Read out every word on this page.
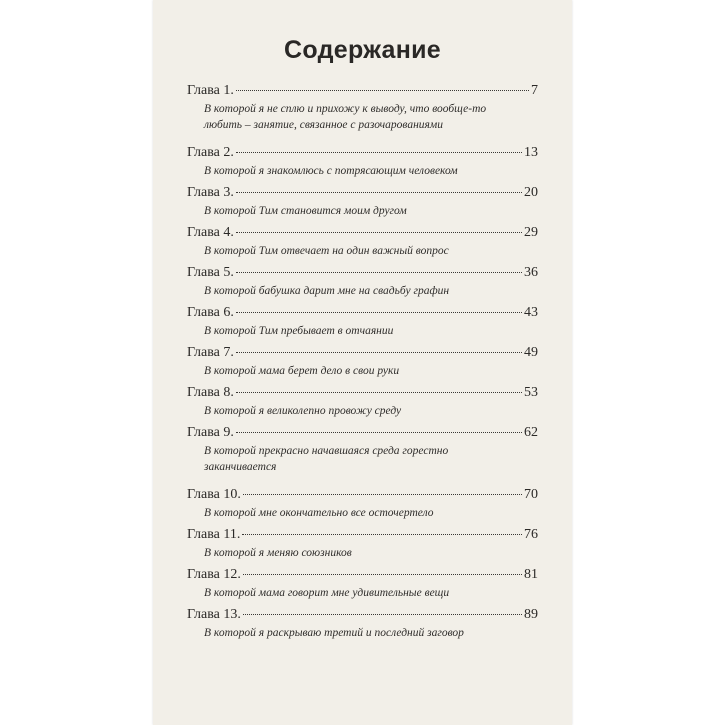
Содержание
Глава 1.	7
В которой я не сплю и прихожу к выводу, что вообще-то любить – занятие, связанное с разочарованиями
Глава 2.	13
В которой я знакомлюсь с потрясающим человеком
Глава 3.	20
В которой Тим становится моим другом
Глава 4.	29
В которой Тим отвечает на один важный вопрос
Глава 5.	36
В которой бабушка дарит мне на свадьбу графин
Глава 6.	43
В которой Тим пребывает в отчаянии
Глава 7.	49
В которой мама берет дело в свои руки
Глава 8.	53
В которой я великолепно провожу среду
Глава 9.	62
В которой прекрасно начавшаяся среда горестно заканчивается
Глава 10.	70
В которой мне окончательно все осточертело
Глава 11.	76
В которой я меняю союзников
Глава 12.	81
В которой мама говорит мне удивительные вещи
Глава 13.	89
В которой я раскрываю третий и последний заговор
